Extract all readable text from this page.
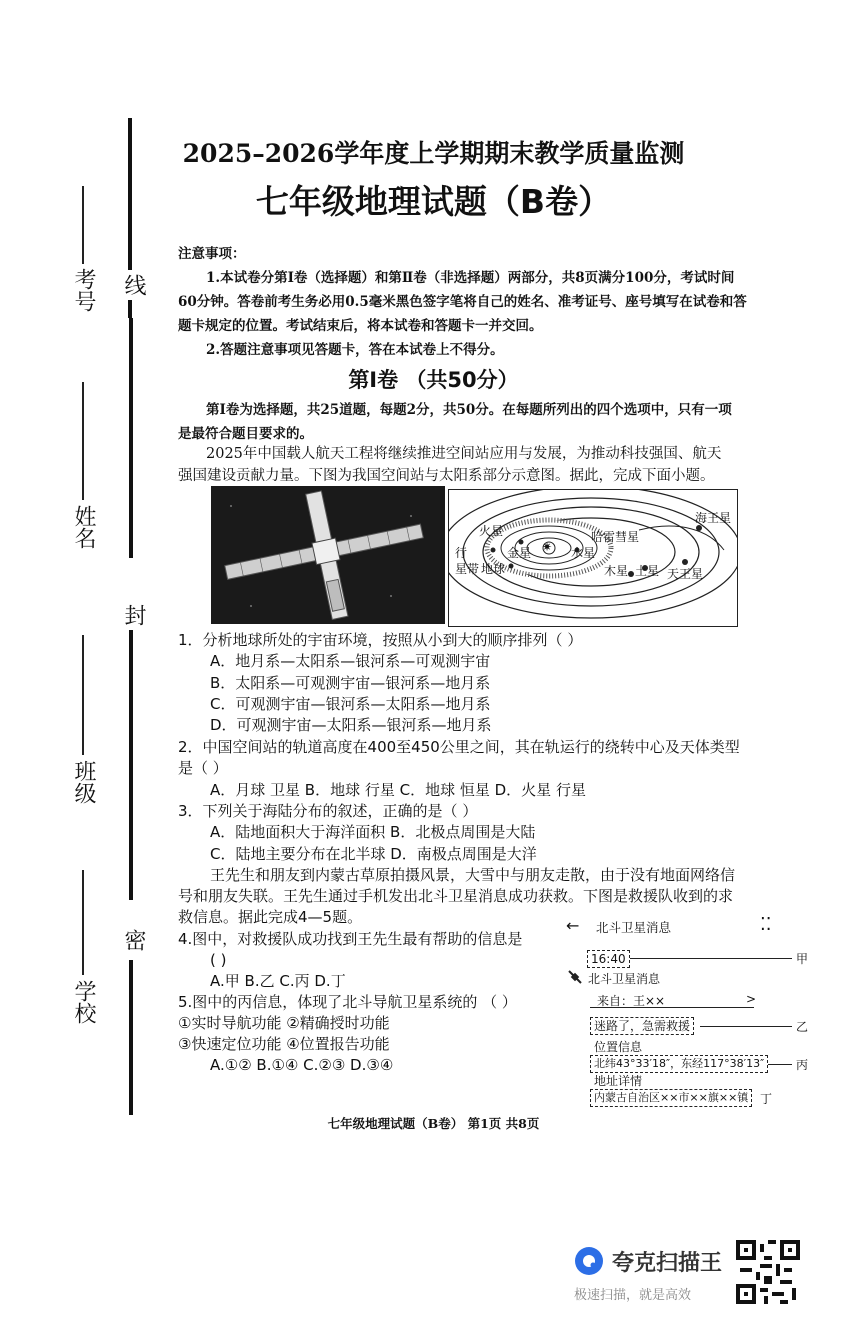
考号
姓名
班级
学校
线
封
密
2025–2026学年度上学期期末教学质量监测
七年级地理试题（B卷）
注意事项：
1.本试卷分第Ⅰ卷（选择题）和第Ⅱ卷（非选择题）两部分，共8页满分100分，考试时间
60分钟。答卷前考生务必用0.5毫米黑色签字笔将自己的姓名、准考证号、座号填写在试卷和答
题卡规定的位置。考试结束后，将本试卷和答题卡一并交回。
2.答题注意事项见答题卡，答在本试卷上不得分。
第Ⅰ卷 （共50分）
第Ⅰ卷为选择题，共25道题，每题2分，共50分。在每题所列出的四个选项中，只有一项
是最符合题目要求的。
2025年中国载人航天工程将继续推进空间站应用与发展，为推动科技强国、航天
强国建设贡献力量。下图为我国空间站与太阳系部分示意图。据此，完成下面小题。
火星
金星 ✷ 水星
行
星带 地球
哈雷彗星
木星 土星 天王星
海王星
1．分析地球所处的宇宙环境，按照从小到大的顺序排列（ ）
A．地月系—太阳系—银河系—可观测宇宙
B．太阳系—可观测宇宙—银河系—地月系
C．可观测宇宙—银河系—太阳系—地月系
D．可观测宇宙—太阳系—银河系—地月系
2．中国空间站的轨道高度在400至450公里之间，其在轨运行的绕转中心及天体类型
是（ ）
A．月球 卫星 B．地球 行星 C．地球 恒星 D．火星 行星
3．下列关于海陆分布的叙述，正确的是（ ）
A．陆地面积大于海洋面积 B．北极点周围是大陆
C．陆地主要分布在北半球 D．南极点周围是大洋
王先生和朋友到内蒙古草原拍摄风景，大雪中与朋友走散，由于没有地面网络信
号和朋友失联。王先生通过手机发出北斗卫星消息成功获救。下图是救援队收到的求
救信息。据此完成4—5题。
4.图中，对救援队成功找到王先生最有帮助的信息是
( )
A.甲 B.乙 C.丙 D.丁
5.图中的丙信息，体现了北斗导航卫星系统的 （ ）
①实时导航功能 ②精确授时功能
③快速定位功能 ④位置报告功能
A.①② B.①④ C.②③ D.③④
← 北斗卫星消息	⁚⁚
16:40	甲
北斗卫星消息
来自：王××	>
迷路了，急需救援	乙
位置信息
北纬43°33′18″，东经117°38′13″	丙
地址详情
内蒙古自治区××市××旗××镇 丁
七年级地理试题（B卷） 第1页 共8页
夸克扫描王
极速扫描，就是高效
